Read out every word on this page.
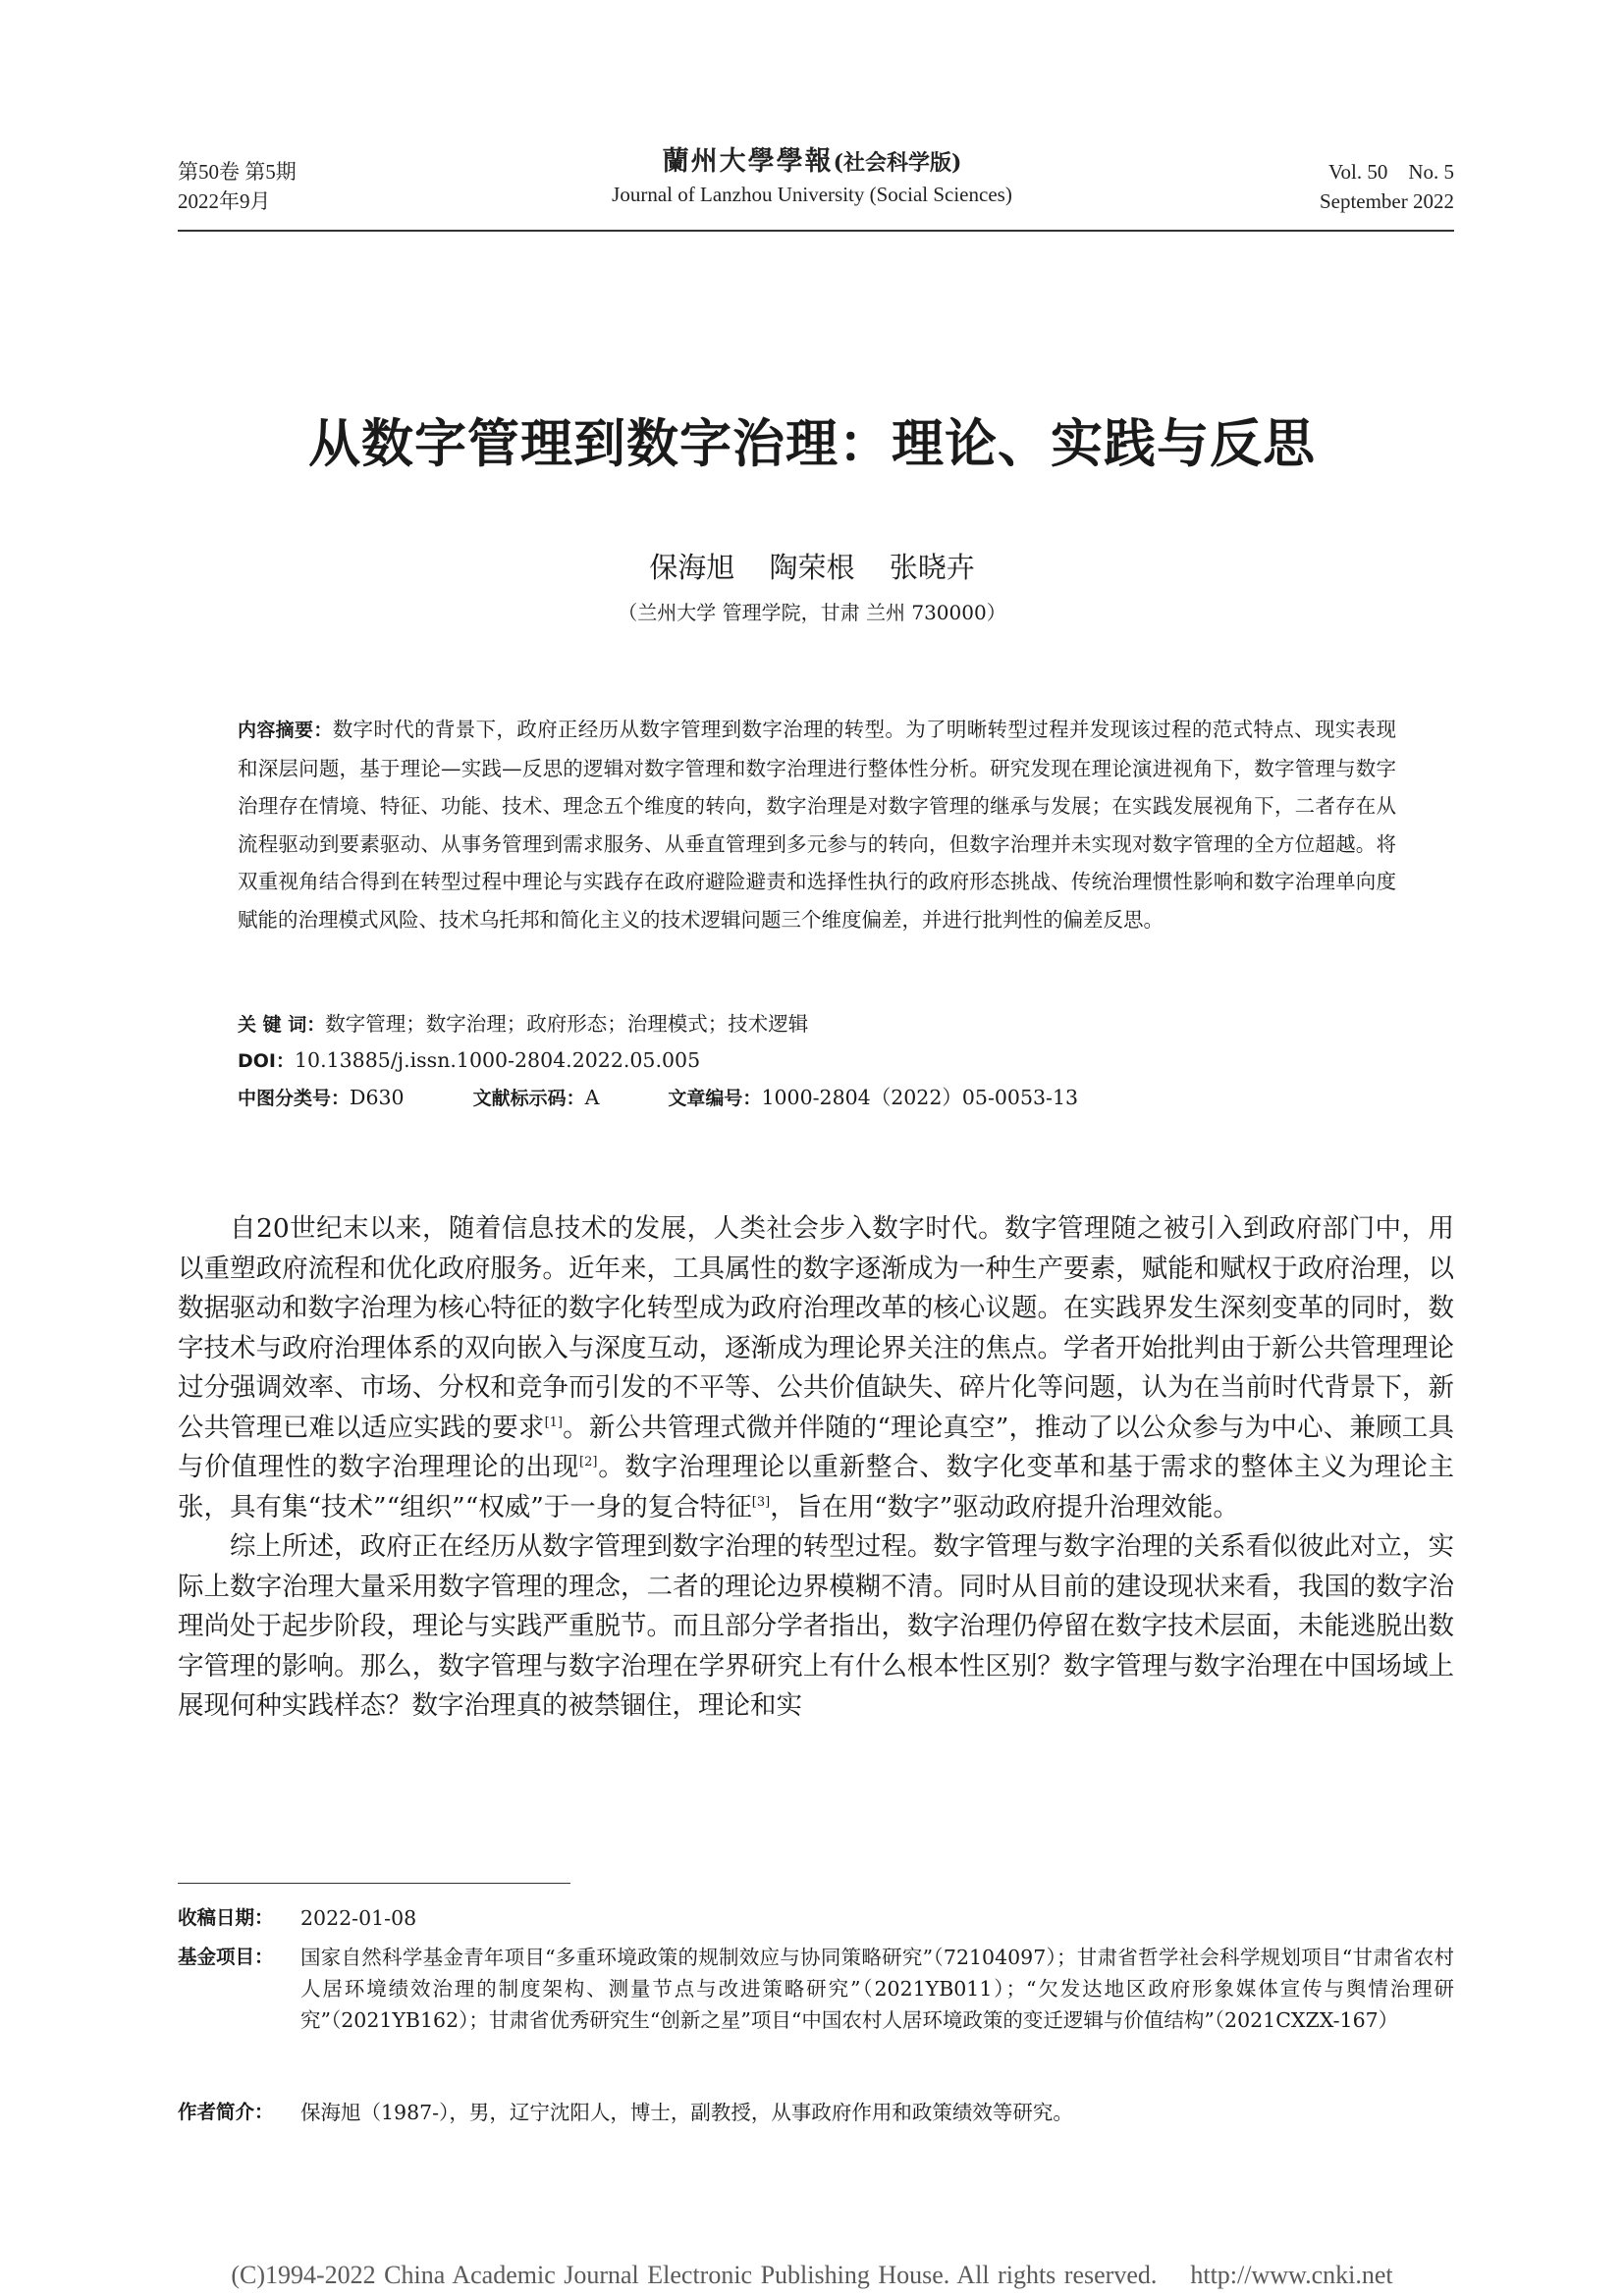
第50卷 第5期
2022年9月
蘭州大學學報(社会科学版)
Journal of Lanzhou University (Social Sciences)
Vol. 50    No. 5
September 2022
从数字管理到数字治理：理论、实践与反思
保海旭 陶荣根 张晓卉
（兰州大学 管理学院，甘肃 兰州 730000）
内容摘要：数字时代的背景下，政府正经历从数字管理到数字治理的转型。为了明晰转型过程并发现该过程的范式特点、现实表现和深层问题，基于理论—实践—反思的逻辑对数字管理和数字治理进行整体性分析。研究发现在理论演进视角下，数字管理与数字治理存在情境、特征、功能、技术、理念五个维度的转向，数字治理是对数字管理的继承与发展；在实践发展视角下，二者存在从流程驱动到要素驱动、从事务管理到需求服务、从垂直管理到多元参与的转向，但数字治理并未实现对数字管理的全方位超越。将双重视角结合得到在转型过程中理论与实践存在政府避险避责和选择性执行的政府形态挑战、传统治理惯性影响和数字治理单向度赋能的治理模式风险、技术乌托邦和简化主义的技术逻辑问题三个维度偏差，并进行批判性的偏差反思。
关 键 词：数字管理；数字治理；政府形态；治理模式；技术逻辑
DOI：10.13885/j.issn.1000-2804.2022.05.005
中图分类号：D630	文献标示码：A	文章编号：1000-2804（2022）05-0053-13

自20世纪末以来，随着信息技术的发展，人类社会步入数字时代。数字管理随之被引入到政府部门中，用以重塑政府流程和优化政府服务。近年来，工具属性的数字逐渐成为一种生产要素，赋能和赋权于政府治理，以数据驱动和数字治理为核心特征的数字化转型成为政府治理改革的核心议题。在实践界发生深刻变革的同时，数字技术与政府治理体系的双向嵌入与深度互动，逐渐成为理论界关注的焦点。学者开始批判由于新公共管理理论过分强调效率、市场、分权和竞争而引发的不平等、公共价值缺失、碎片化等问题，认为在当前时代背景下，新公共管理已难以适应实践的要求[1]。新公共管理式微并伴随的“理论真空”，推动了以公众参与为中心、兼顾工具与价值理性的数字治理理论的出现[2]。数字治理理论以重新整合、数字化变革和基于需求的整体主义为理论主张，具有集“技术”“组织”“权威”于一身的复合特征[3]，旨在用“数字”驱动政府提升治理效能。

综上所述，政府正在经历从数字管理到数字治理的转型过程。数字管理与数字治理的关系看似彼此对立，实际上数字治理大量采用数字管理的理念，二者的理论边界模糊不清。同时从目前的建设现状来看，我国的数字治理尚处于起步阶段，理论与实践严重脱节。而且部分学者指出，数字治理仍停留在数字技术层面，未能逃脱出数字管理的影响。那么，数字管理与数字治理在学界研究上有什么根本性区别？数字管理与数字治理在中国场域上展现何种实践样态？数字治理真的被禁锢住，理论和实

收稿日期：	2022-01-08
基金项目：	国家自然科学基金青年项目“多重环境政策的规制效应与协同策略研究”（72104097）；甘肃省哲学社会科学规划项目“甘肃省农村人居环境绩效治理的制度架构、测量节点与改进策略研究”（2021YB011）；“欠发达地区政府形象媒体宣传与舆情治理研究”（2021YB162）；甘肃省优秀研究生“创新之星”项目“中国农村人居环境政策的变迁逻辑与价值结构”（2021CXZX-167）
作者简介：	保海旭（1987-），男，辽宁沈阳人，博士，副教授，从事政府作用和政策绩效等研究。
(C)1994-2022 China Academic Journal Electronic Publishing House. All rights reserved.    http://www.cnki.net
